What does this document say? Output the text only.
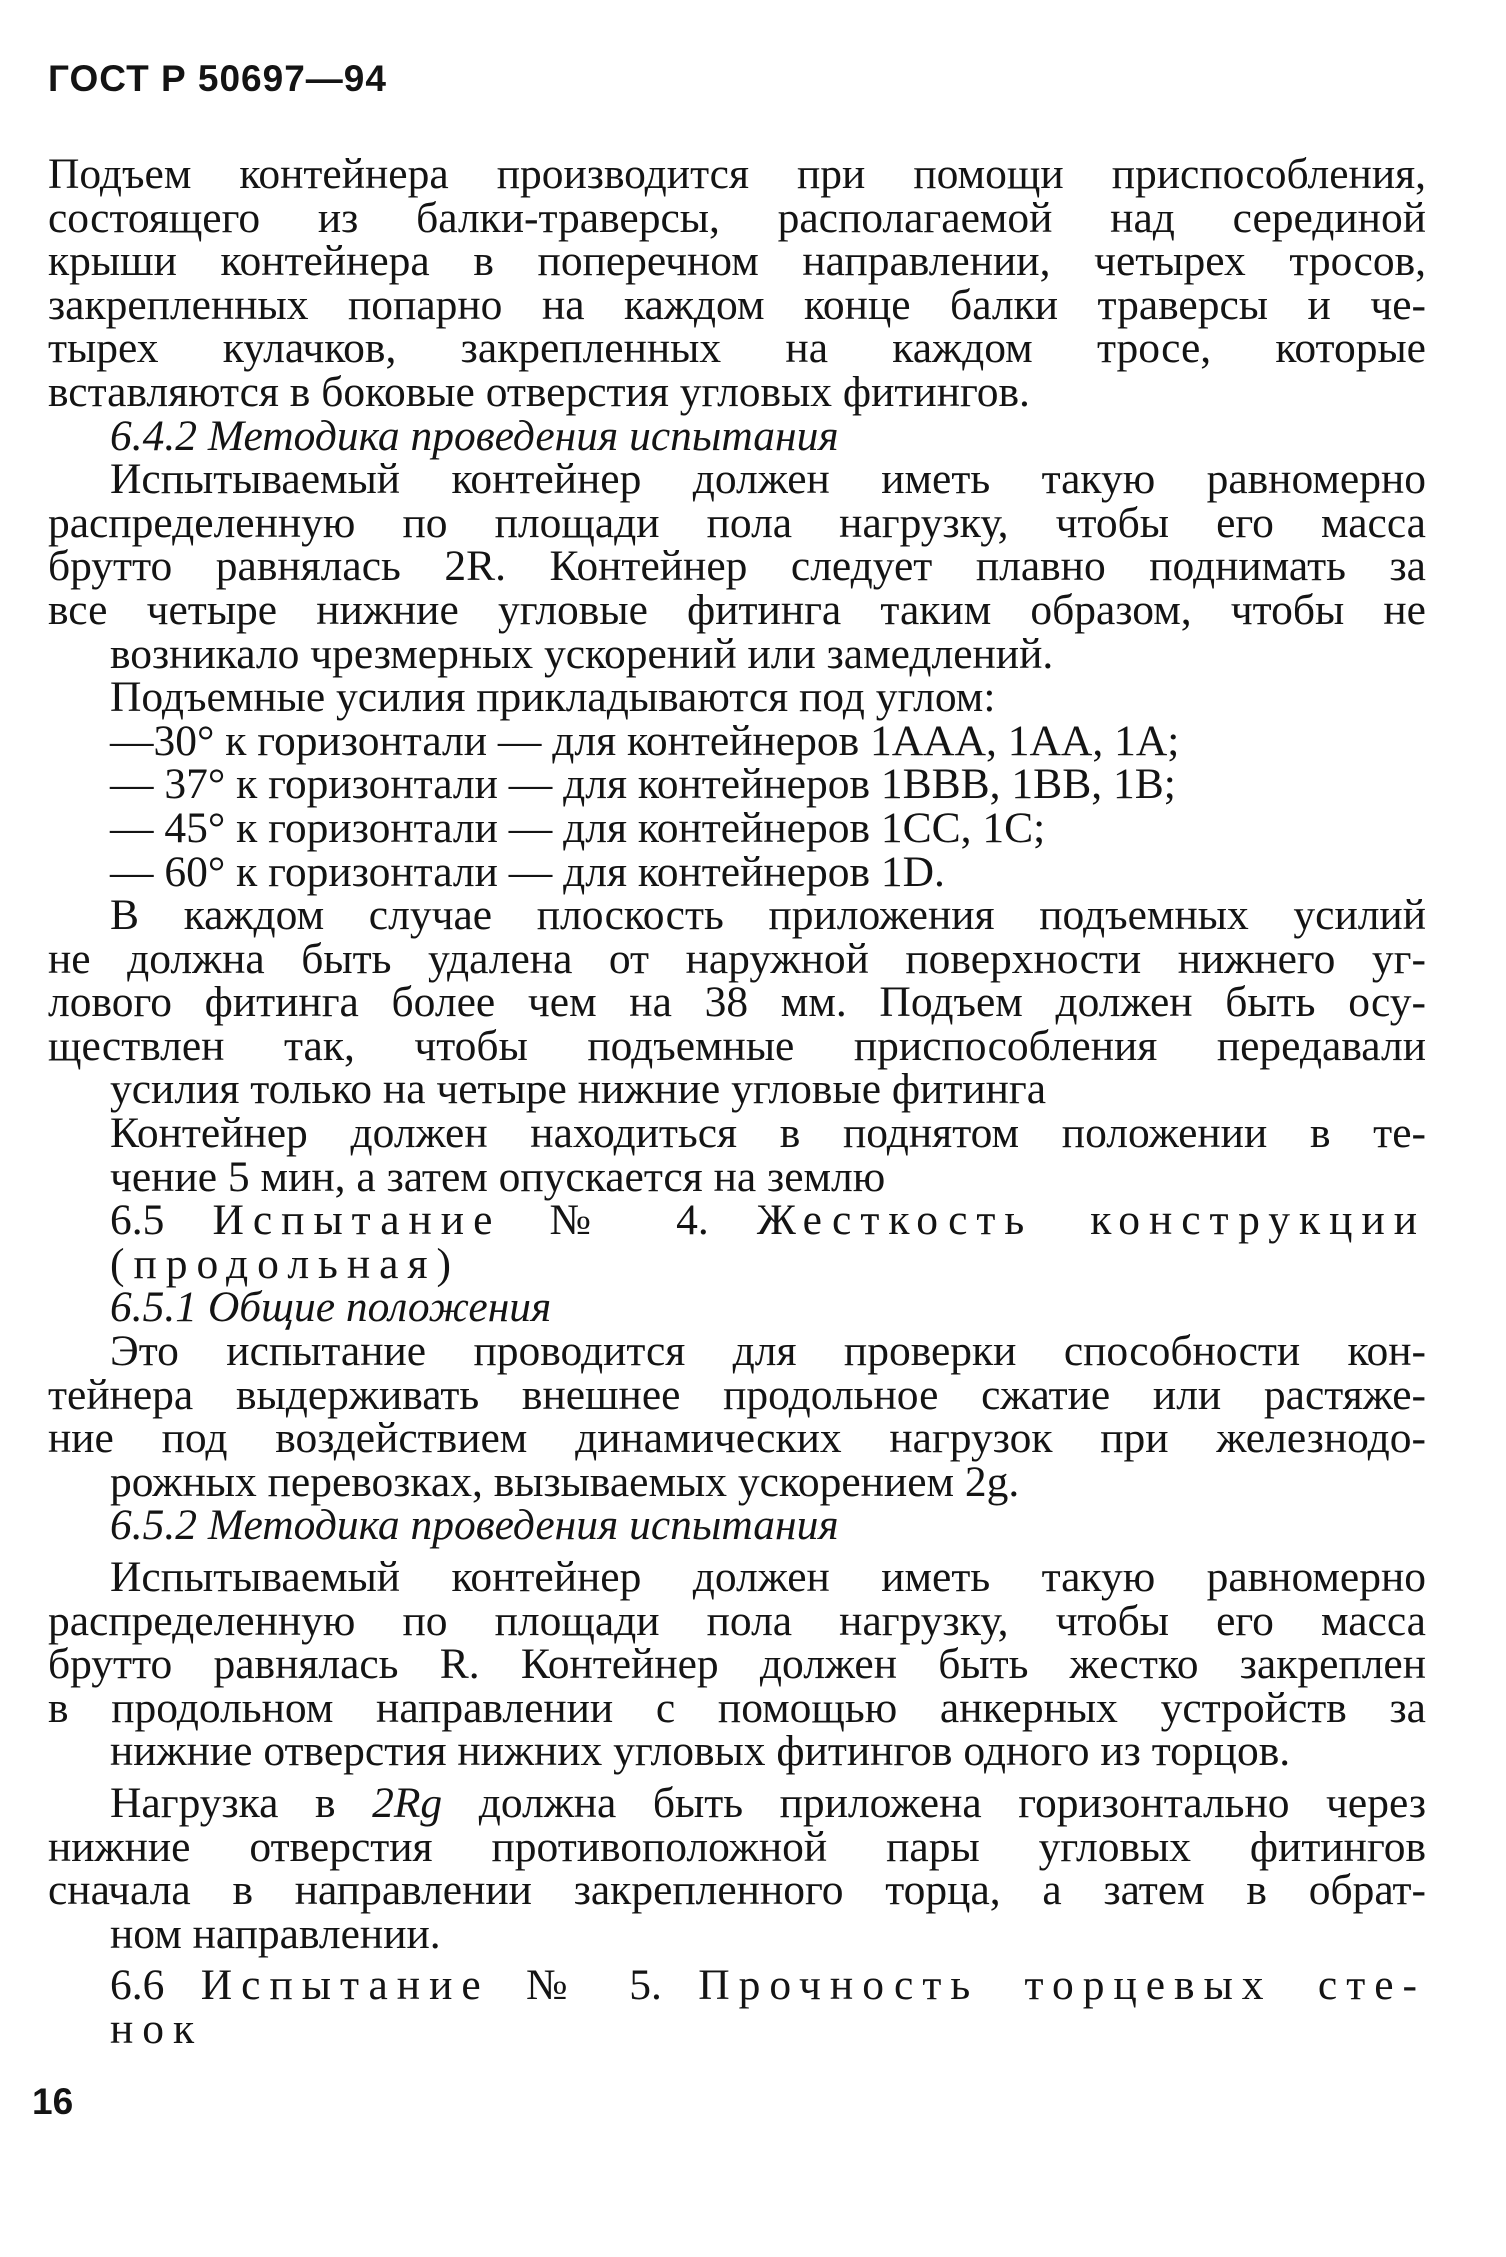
ГОСТ Р 50697—94

Подъем контейнера производится при помощи приспособления,
состоящего из балки-траверсы, располагаемой над серединой
крыши контейнера в поперечном направлении, четырех тросов,
закрепленных попарно на каждом конце балки траверсы и че-
тырех кулачков, закрепленных на каждом тросе, которые
вставляются в боковые отверстия угловых фитингов.

6.4.2 Методика проведения испытания

Испытываемый контейнер должен иметь такую равномерно
распределенную по площади пола нагрузку, чтобы его масса
брутто равнялась 2R. Контейнер следует плавно поднимать за
все четыре нижние угловые фитинга таким образом, чтобы не
возникало чрезмерных ускорений или замедлений.

Подъемные усилия прикладываются под углом:

—30° к горизонтали — для контейнеров 1ААА, 1АА, 1А;

— 37° к горизонтали — для контейнеров 1ВВВ, 1ВВ, 1В;

— 45° к горизонтали — для контейнеров 1СС, 1С;

— 60° к горизонтали — для контейнеров 1D.

В каждом случае плоскость приложения подъемных усилий
не должна быть удалена от наружной поверхности нижнего уг-
лового фитинга более чем на 38 мм. Подъем должен быть осу-
ществлен так, чтобы подъемные приспособления передавали
усилия только на четыре нижние угловые фитинга

Контейнер должен находиться в поднятом положении в те-
чение 5 мин, а затем опускается на землю

6.5 Испытание № 4. Жесткость конструкции
(продольная)

6.5.1 Общие положения

Это испытание проводится для проверки способности кон-
тейнера выдерживать внешнее продольное сжатие или растяже-
ние под воздействием динамических нагрузок при железнодо-
рожных перевозках, вызываемых ускорением 2g.

6.5.2 Методика проведения испытания

Испытываемый контейнер должен иметь такую равномерно
распределенную по площади пола нагрузку, чтобы его масса
брутто равнялась R. Контейнер должен быть жестко закреплен
в продольном направлении с помощью анкерных устройств за
нижние отверстия нижних угловых фитингов одного из торцов.

Нагрузка в 2Rg должна быть приложена горизонтально через
нижние отверстия противоположной пары угловых фитингов
сначала в направлении закрепленного торца, а затем в обрат-
ном направлении.

6.6 Испытание № 5. Прочность торцевых сте-
нок

16
